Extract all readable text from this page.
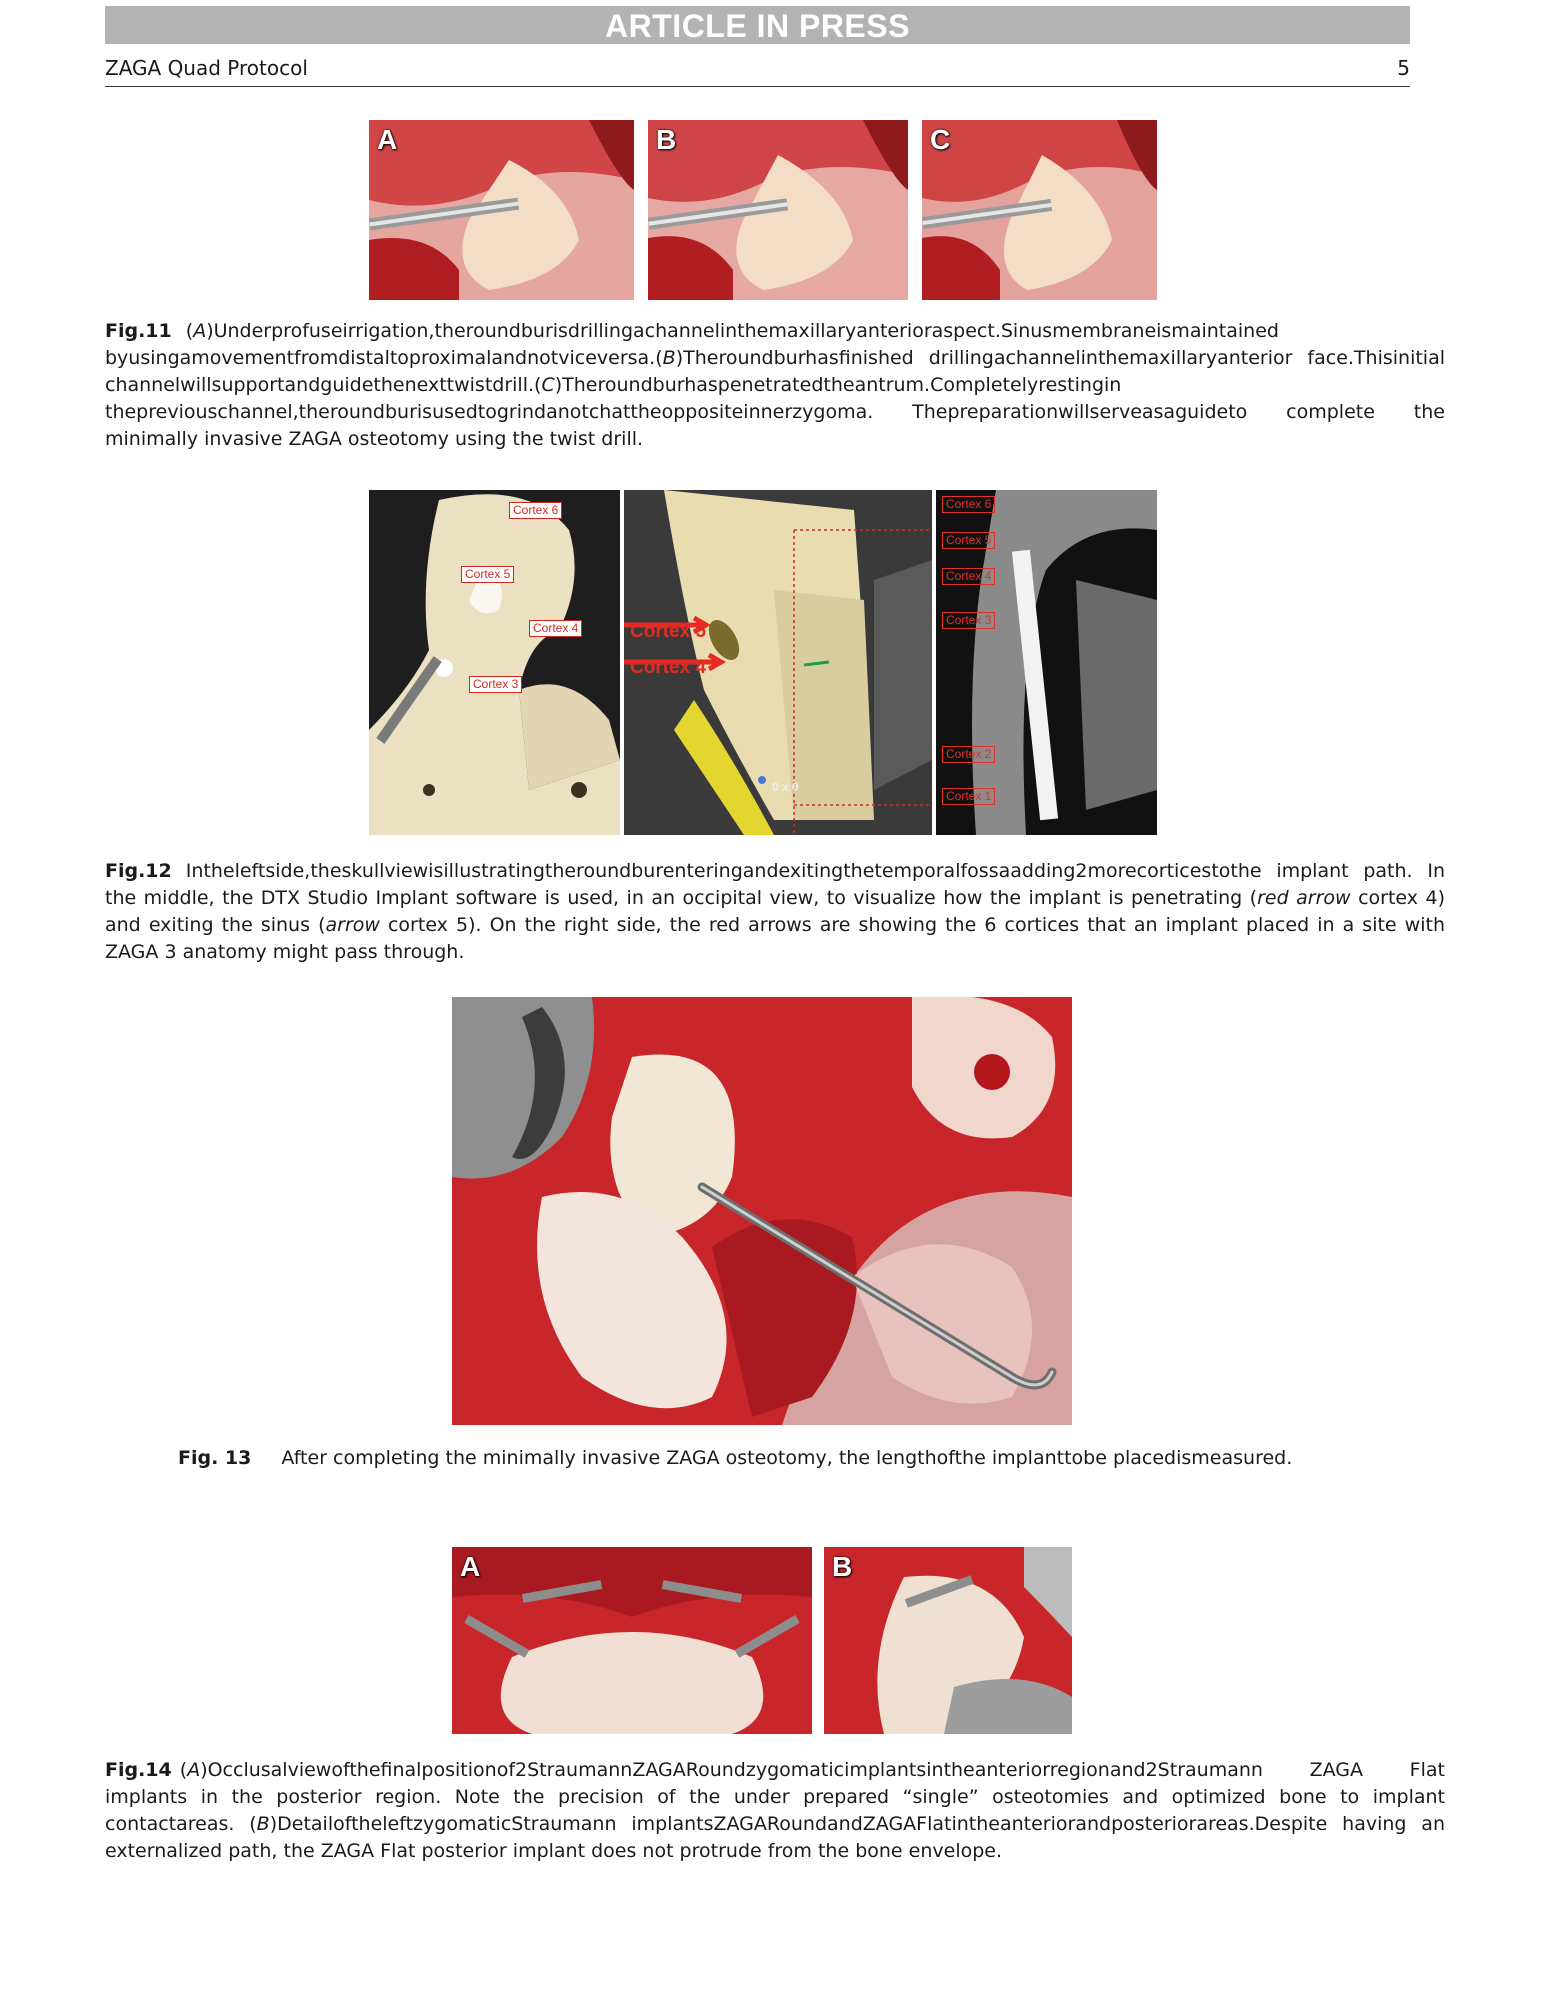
ARTICLE IN PRESS
ZAGA Quad Protocol	5
A	B	C
Fig.11 (A)Underprofuseirrigation,theroundburisdrillingachannelinthemaxillaryanterioraspect.Sinusmembraneismaintained byusingamovementfromdistaltoproximalandnotviceversa.(B)Theroundburhasfinished drillingachannelinthemaxillaryanterior face.Thisinitial channelwillsupportandguidethenexttwistdrill.(C)Theroundburhaspenetratedtheantrum.Completelyrestingin thepreviouschannel,theroundburisusedtogrindanotchattheoppositeinnerzygoma. Thepreparationwillserveasaguideto complete the minimally invasive ZAGA osteotomy using the twist drill.
Cortex 6
Cortex 5
Cortex 4
Cortex 3
Cortex 5
Cortex 4
0 x 0
Cortex 6
Cortex 5
Cortex 4
Cortex 3
Cortex 2
Cortex 1
Fig.12 Intheleftside,theskullviewisillustratingtheroundburenteringandexitingthetemporalfossaadding2morecorticestothe implant path. In the middle, the DTX Studio Implant software is used, in an occipital view, to visualize how the implant is penetrating (red arrow cortex 4) and exiting the sinus (arrow cortex 5). On the right side, the red arrows are showing the 6 cortices that an implant placed in a site with ZAGA 3 anatomy might pass through.
Fig. 13 After completing the minimally invasive ZAGA osteotomy, the lengthofthe implanttobe placedismeasured.
A	B
Fig.14 (A)Occlusalviewofthefinalpositionof2StraumannZAGARoundzygomaticimplantsintheanteriorregionand2Straumann ZAGA Flat implants in the posterior region. Note the precision of the under prepared “single” osteotomies and optimized bone to implant contactareas. (B)DetailoftheleftzygomaticStraumann implantsZAGARoundandZAGAFlatintheanteriorandposteriorareas.Despite having an externalized path, the ZAGA Flat posterior implant does not protrude from the bone envelope.
